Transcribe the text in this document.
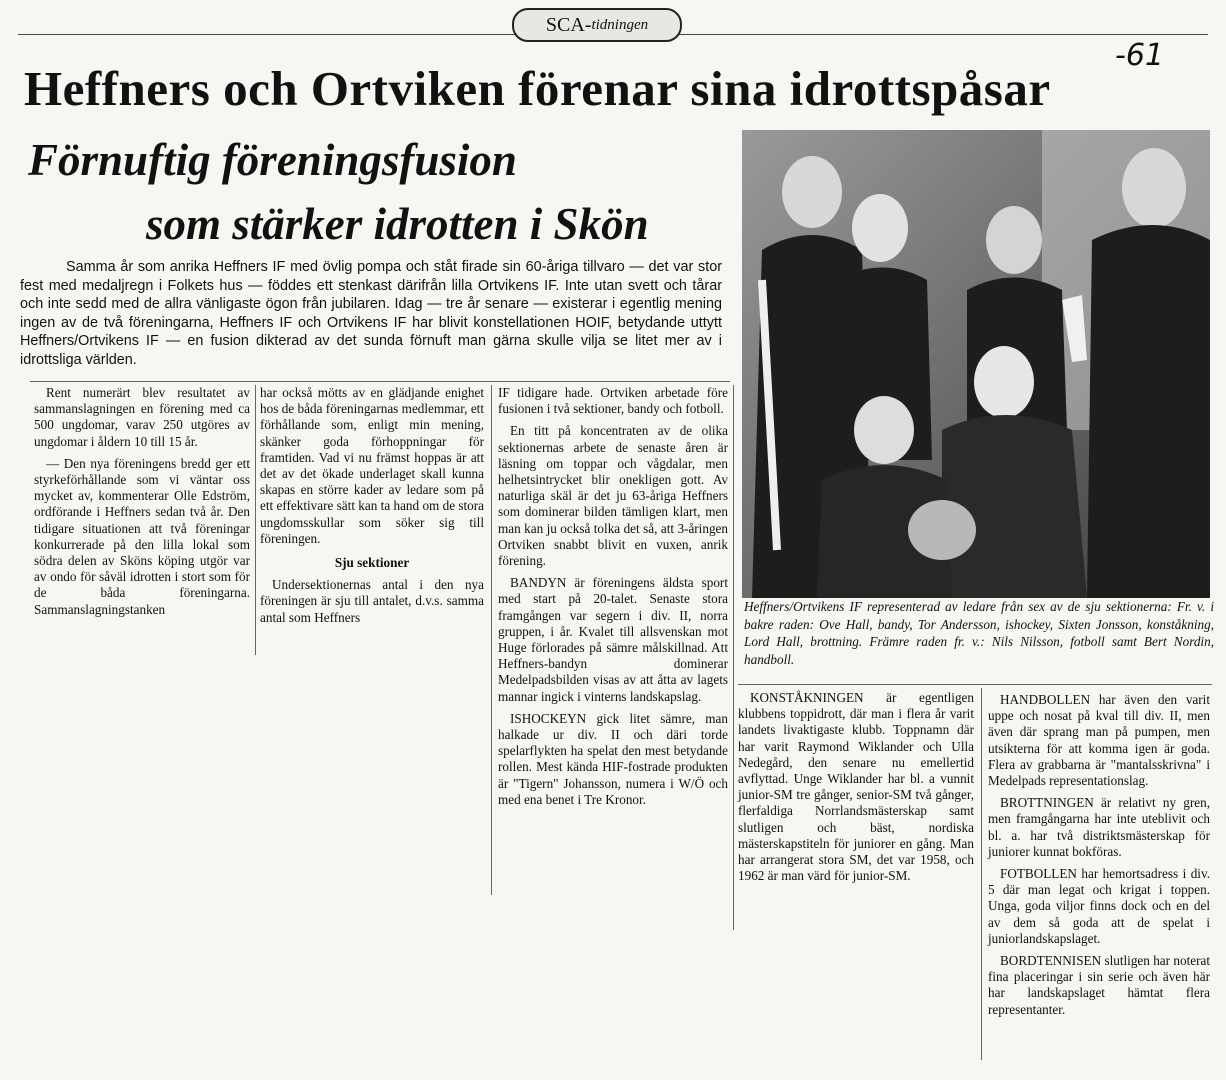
SCA- tidningen
-61
Heffners och Ortviken förenar sina idrottspåsar
Förnuftig föreningsfusion
som stärker idrotten i Skön
Samma år som anrika Heffners IF med övlig pompa och ståt firade sin 60-åriga tillvaro — det var stor fest med medaljregn i Folkets hus — föddes ett stenkast därifrån lilla Ortvikens IF. Inte utan svett och tårar och inte sedd med de allra vänligaste ögon från jubilaren. Idag — tre år senare — existerar i egentlig mening ingen av de två föreningarna, Heffners IF och Ortvikens IF har blivit konstellationen HOIF, betydande uttytt Heffners/Ortvikens IF — en fusion dikterad av det sunda förnuft man gärna skulle vilja se litet mer av i idrottsliga världen.
Heffners/Ortvikens IF representerad av ledare från sex av de sju sektionerna: Fr. v. i bakre raden: Ove Hall, bandy, Tor Andersson, ishockey, Sixten Jonsson, konståkning, Lord Hall, brottning. Främre raden fr. v.: Nils Nilsson, fotboll samt Bert Nordin, handboll.

Rent numerärt blev resultatet av sammanslagningen en förening med ca 500 ungdomar, varav 250 utgöres av ungdomar i åldern 10 till 15 år.

— Den nya föreningens bredd ger ett styrkeförhållande som vi väntar oss mycket av, kommenterar Olle Edström, ordförande i Heffners sedan två år. Den tidigare situationen att två föreningar konkurrerade på den lilla lokal som södra delen av Sköns köping utgör var av ondo för såväl idrotten i stort som för de båda föreningarna. Sammanslagningstanken

har också mötts av en glädjande enighet hos de båda föreningarnas medlemmar, ett förhållande som, enligt min mening, skänker goda förhoppningar för framtiden. Vad vi nu främst hoppas är att det av det ökade underlaget skall kunna skapas en större kader av ledare som på ett effektivare sätt kan ta hand om de stora ungdomsskullar som söker sig till föreningen.

Sju sektioner

Undersektionernas antal i den nya föreningen är sju till antalet, d.v.s. samma antal som Heffners

IF tidigare hade. Ortviken arbetade före fusionen i två sektioner, bandy och fotboll.

En titt på koncentraten av de olika sektionernas arbete de senaste åren är läsning om toppar och vågdalar, men helhetsintrycket blir onekligen gott. Av naturliga skäl är det ju 63-åriga Heffners som dominerar bilden tämligen klart, men man kan ju också tolka det så, att 3-åringen Ortviken snabbt blivit en vuxen, anrik förening.

BANDYN är föreningens äldsta sport med start på 20-talet. Senaste stora framgången var segern i div. II, norra gruppen, i år. Kvalet till allsvenskan mot Huge förlorades på sämre målskillnad. Att Heffners-bandyn dominerar Medelpadsbilden visas av att åtta av lagets mannar ingick i vinterns landskapslag.

ISHOCKEYN gick litet sämre, man halkade ur div. II och däri torde spelarflykten ha spelat den mest betydande rollen. Mest kända HIF-fostrade produkten är "Tigern" Johansson, numera i W/Ö och med ena benet i Tre Kronor.

KONSTÅKNINGEN är egentligen klubbens toppidrott, där man i flera år varit landets livaktigaste klubb. Toppnamn där har varit Raymond Wiklander och Ulla Nedegård, den senare nu emellertid avflyttad. Unge Wiklander har bl. a vunnit junior-SM tre gånger, senior-SM två gånger, flerfaldiga Norrlandsmästerskap samt slutligen och bäst, nordiska mästerskapstiteln för juniorer en gång. Man har arrangerat stora SM, det var 1958, och 1962 är man värd för junior-SM.

HANDBOLLEN har även den varit uppe och nosat på kval till div. II, men även där sprang man på pumpen, men utsikterna för att komma igen är goda. Flera av grabbarna är "mantalsskrivna" i Medelpads representationslag.

BROTTNINGEN är relativt ny gren, men framgångarna har inte uteblivit och bl. a. har två distriktsmästerskap för juniorer kunnat bokföras.

FOTBOLLEN har hemortsadress i div. 5 där man legat och krigat i toppen. Unga, goda viljor finns dock och en del av dem så goda att de spelat i juniorlandskapslaget.

BORDTENNISEN slutligen har noterat fina placeringar i sin serie och även här har landskapslaget hämtat flera representanter.
